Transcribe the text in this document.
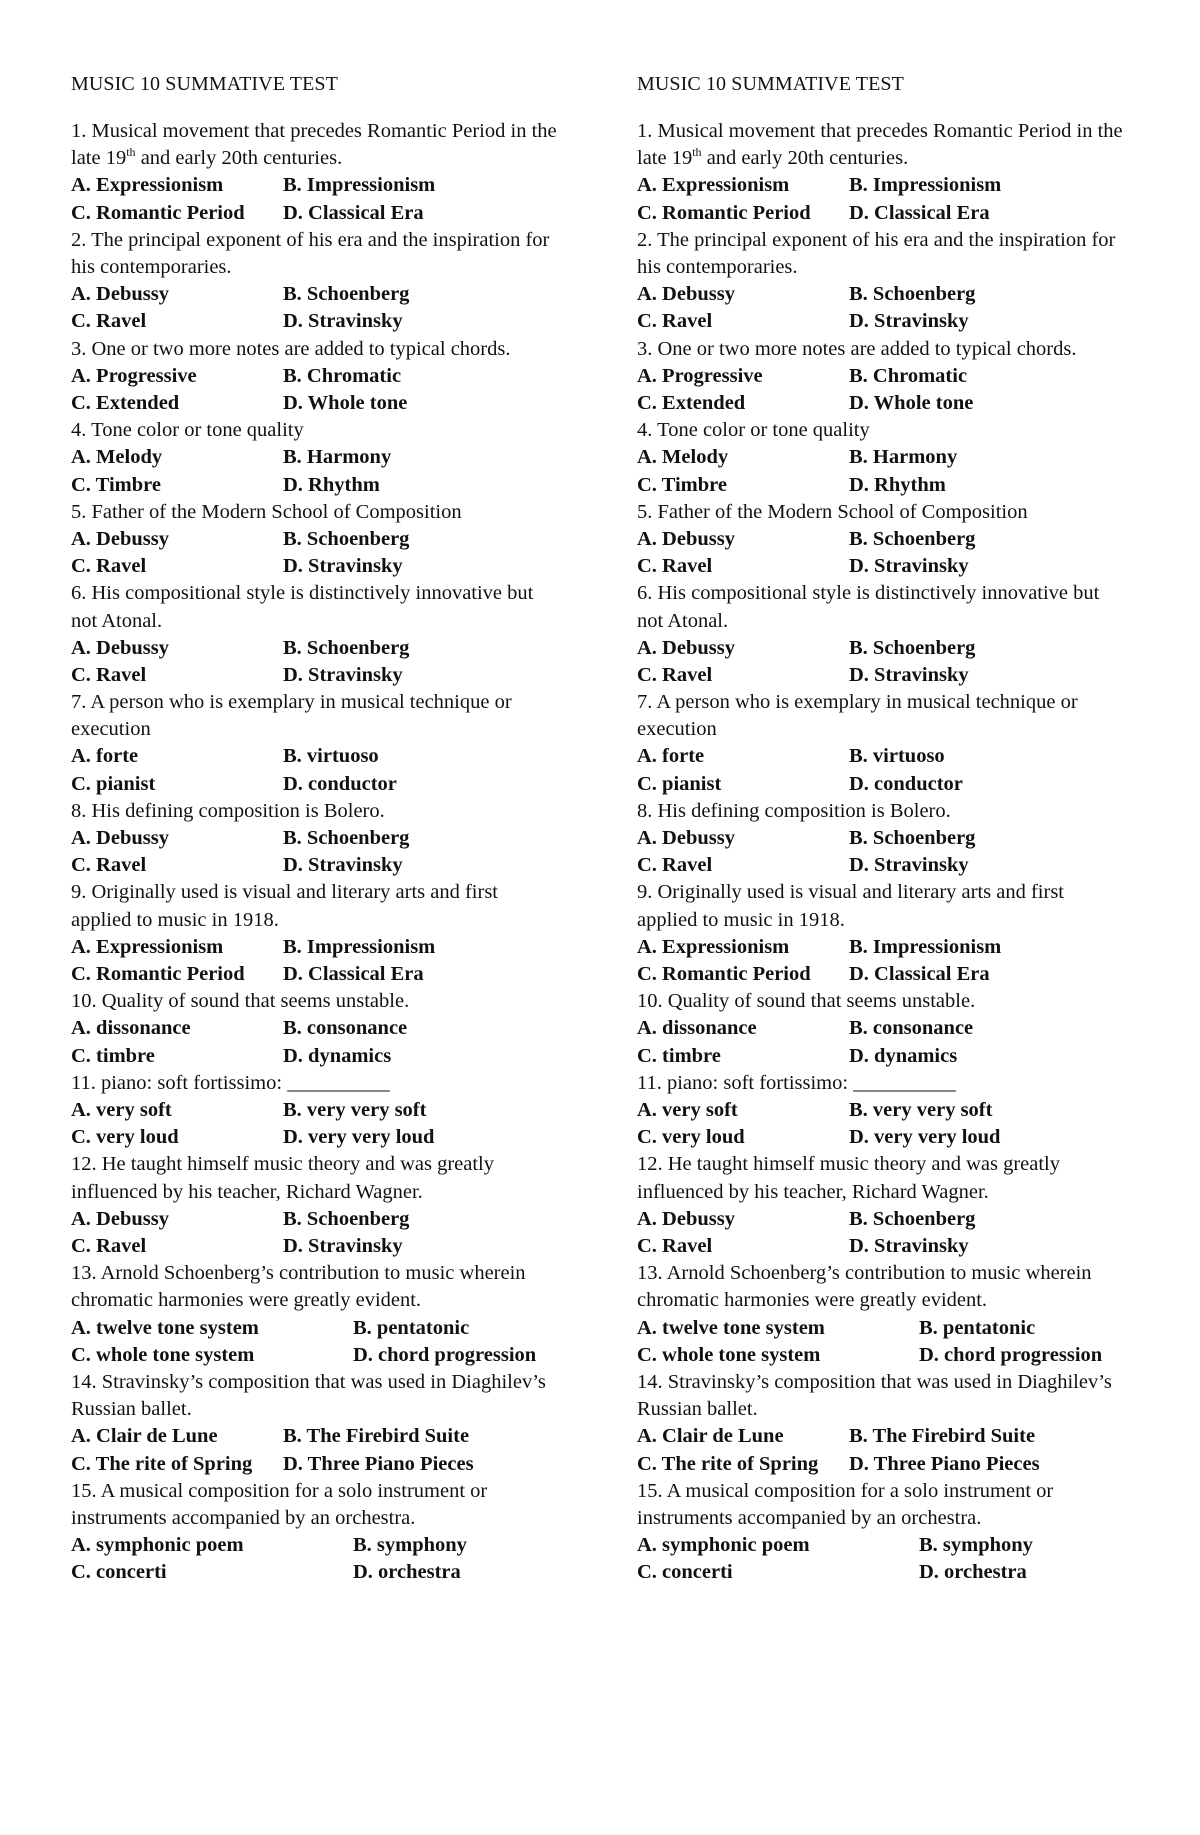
MUSIC 10 SUMMATIVE TEST
1. Musical movement that precedes Romantic Period in the late 19th and early 20th centuries.
A. Expressionism	B. Impressionism
C. Romantic Period	D. Classical Era
2. The principal exponent of his era and the inspiration for his contemporaries.
A. Debussy	B. Schoenberg
C. Ravel	D. Stravinsky
3. One or two more notes are added to typical chords.
A. Progressive	B. Chromatic
C. Extended	D. Whole tone
4. Tone color or tone quality
A. Melody	B. Harmony
C. Timbre	D. Rhythm
5. Father of the Modern School of Composition
A. Debussy	B. Schoenberg
C. Ravel	D. Stravinsky
6. His compositional style is distinctively innovative but not Atonal.
A. Debussy	B. Schoenberg
C. Ravel	D. Stravinsky
7. A person who is exemplary in musical technique or execution
A. forte	B. virtuoso
C. pianist	D. conductor
8. His defining composition is Bolero.
A. Debussy	B. Schoenberg
C. Ravel	D. Stravinsky
9. Originally used is visual and literary arts and first applied to music in 1918.
A. Expressionism	B. Impressionism
C. Romantic Period	D. Classical Era
10. Quality of sound that seems unstable.
A. dissonance	B. consonance
C. timbre	D. dynamics
11. piano: soft fortissimo: __________
A. very soft	B. very very soft
C. very loud	D. very very loud
12. He taught himself music theory and was greatly influenced by his teacher, Richard Wagner.
A. Debussy	B. Schoenberg
C. Ravel	D. Stravinsky
13. Arnold Schoenberg’s contribution to music wherein chromatic harmonies were greatly evident.
A. twelve tone system	B. pentatonic
C. whole tone system	D. chord progression
14. Stravinsky’s composition that was used in Diaghilev’s Russian ballet.
A. Clair de Lune	B. The Firebird Suite
C. The rite of Spring	D. Three Piano Pieces
15. A musical composition for a solo instrument or instruments accompanied by an orchestra.
A. symphonic poem	B. symphony
C. concerti	D. orchestra
MUSIC 10 SUMMATIVE TEST
1. Musical movement that precedes Romantic Period in the late 19th and early 20th centuries.
A. Expressionism	B. Impressionism
C. Romantic Period	D. Classical Era
2. The principal exponent of his era and the inspiration for his contemporaries.
A. Debussy	B. Schoenberg
C. Ravel	D. Stravinsky
3. One or two more notes are added to typical chords.
A. Progressive	B. Chromatic
C. Extended	D. Whole tone
4. Tone color or tone quality
A. Melody	B. Harmony
C. Timbre	D. Rhythm
5. Father of the Modern School of Composition
A. Debussy	B. Schoenberg
C. Ravel	D. Stravinsky
6. His compositional style is distinctively innovative but not Atonal.
A. Debussy	B. Schoenberg
C. Ravel	D. Stravinsky
7. A person who is exemplary in musical technique or execution
A. forte	B. virtuoso
C. pianist	D. conductor
8. His defining composition is Bolero.
A. Debussy	B. Schoenberg
C. Ravel	D. Stravinsky
9. Originally used is visual and literary arts and first applied to music in 1918.
A. Expressionism	B. Impressionism
C. Romantic Period	D. Classical Era
10. Quality of sound that seems unstable.
A. dissonance	B. consonance
C. timbre	D. dynamics
11. piano: soft fortissimo: __________
A. very soft	B. very very soft
C. very loud	D. very very loud
12. He taught himself music theory and was greatly influenced by his teacher, Richard Wagner.
A. Debussy	B. Schoenberg
C. Ravel	D. Stravinsky
13. Arnold Schoenberg’s contribution to music wherein chromatic harmonies were greatly evident.
A. twelve tone system	B. pentatonic
C. whole tone system	D. chord progression
14. Stravinsky’s composition that was used in Diaghilev’s Russian ballet.
A. Clair de Lune	B. The Firebird Suite
C. The rite of Spring	D. Three Piano Pieces
15. A musical composition for a solo instrument or instruments accompanied by an orchestra.
A. symphonic poem	B. symphony
C. concerti	D. orchestra
